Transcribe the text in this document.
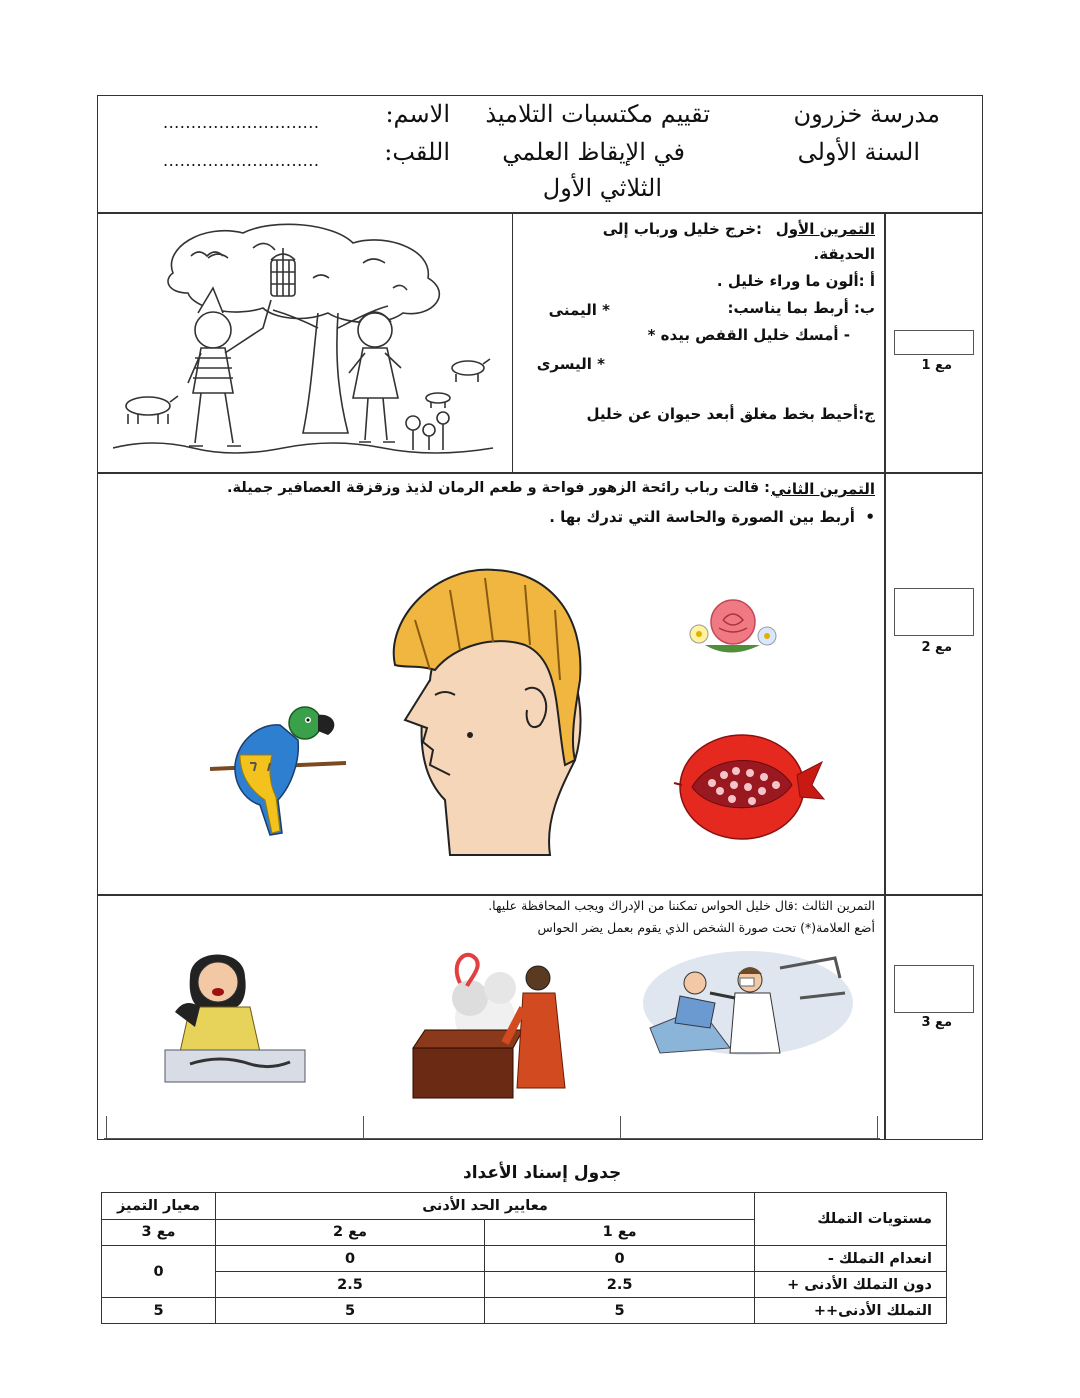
مدرسة خزرون
السنة الأولى
تقييم مكتسبات التلاميذ
في الإيقاظ العلمي
الثلاثي الأول
الاسم:
............................
اللقب:
............................
التمرين الأول
:خرج خليل ورباب إلى
الحديقة.
أ :ألون ما وراء خليل .
ب: أربط بما يناسب:
* اليمنى
- أمسك خليل القفص بيده *
* اليسرى
ج:أحيط بخط مغلق أبعد حيوان عن خليل
مع 1
التمرين الثاني
: قالت رباب رائحة الزهور فواحة و طعم الرمان لذيذ وزقزقة العصافير جميلة.
•  أربط بين الصورة والحاسة التي تدرك بها .
مع 2
التمرين الثالث :قال خليل الحواس تمكننا من الإدراك ويجب المحافظة عليها.
أضع العلامة(*) تحت صورة الشخص الذي يقوم بعمل يضر الحواس
مع 3
جدول إسناد الأعداد
مستويات التملك	معايير الحد الأدنى		معيار التميز
	مع 1	مع 2	مع 3
انعدام التملك -	0	0	0
دون التملك الأدنى +	2.5	2.5	
التملك الأدنى++	5	5	5
